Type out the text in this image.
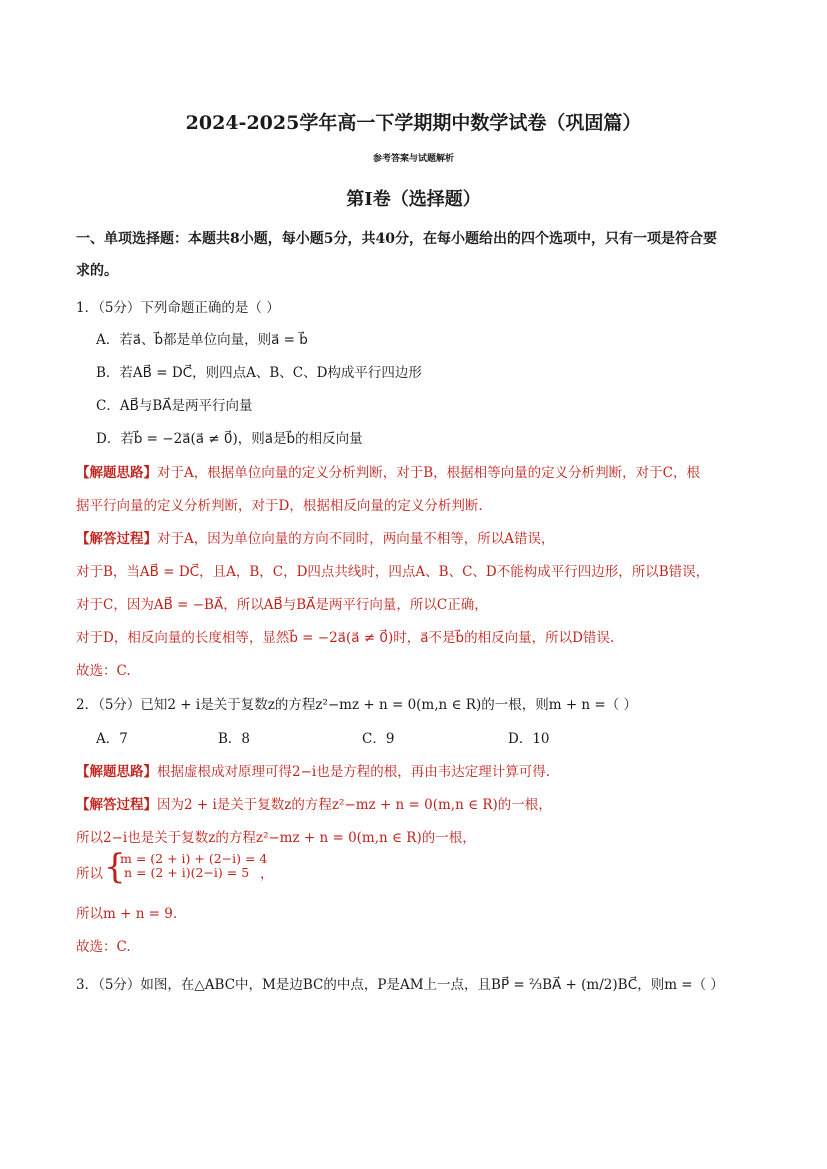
2024-2025学年高一下学期期中数学试卷（巩固篇）
参考答案与试题解析
第Ⅰ卷（选择题）
一、单项选择题：本题共8小题，每小题5分，共40分，在每小题给出的四个选项中，只有一项是符合要
求的。
1．（5分）下列命题正确的是（ ）
A．若a⃗、b⃗都是单位向量，则a⃗ = b⃗
B．若AB⃗ = DC⃗，则四点A、B、C、D构成平行四边形
C．AB⃗与BA⃗是两平行向量
D．若b⃗ = −2a⃗(a⃗ ≠ 0⃗)，则a⃗是b⃗的相反向量
【解题思路】对于A，根据单位向量的定义分析判断，对于B，根据相等向量的定义分析判断，对于C，根
据平行向量的定义分析判断，对于D，根据相反向量的定义分析判断.
【解答过程】对于A，因为单位向量的方向不同时，两向量不相等，所以A错误，
对于B，当AB⃗ = DC⃗，且A，B，C，D四点共线时，四点A、B、C、D不能构成平行四边形，所以B错误，
对于C，因为AB⃗ = −BA⃗，所以AB⃗与BA⃗是两平行向量，所以C正确，
对于D，相反向量的长度相等，显然b⃗ = −2a⃗(a⃗ ≠ 0⃗)时，a⃗不是b⃗的相反向量，所以D错误.
故选：C.
2．（5分）已知2 + i是关于复数z的方程z²−mz + n = 0(m,n ∈ R)的一根，则m + n =（ ）
A．7	B．8	C．9	D．10
【解题思路】根据虚根成对原理可得2−i也是方程的根，再由韦达定理计算可得.
【解答过程】因为2 + i是关于复数z的方程z²−mz + n = 0(m,n ∈ R)的一根，
所以2−i也是关于复数z的方程z²−mz + n = 0(m,n ∈ R)的一根，
所以 {
m = (2 + i) + (2−i) = 4
n = (2 + i)(2−i) = 5 ，
所以m + n = 9.
故选：C.
3．（5分）如图，在△ABC中，M是边BC的中点，P是AM上一点，且BP⃗ = ⅔BA⃗ + (m/2)BC⃗，则m =（ ）
